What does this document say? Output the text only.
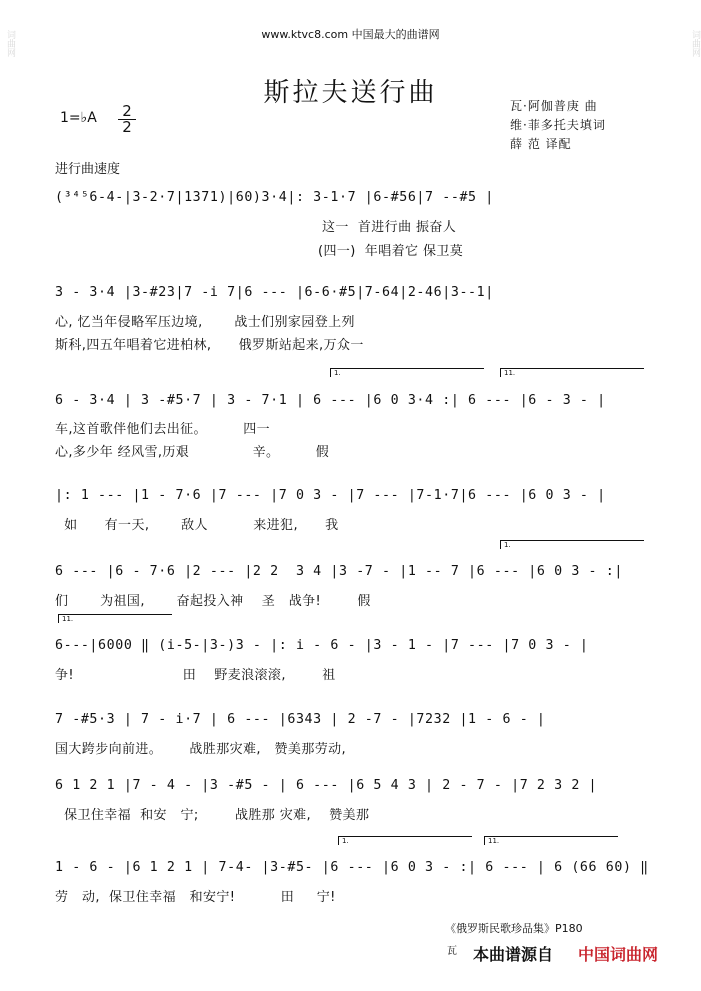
词曲网	词曲网
www.ktvc8.com 中国最大的曲谱网
斯拉夫送行曲
1=♭A 2
2
瓦·阿伽普庚 曲
维·菲多托夫填词
薛 范 译配
进行曲速度
(³⁴⁵6-4-|3-2·7|1371)|60)3·4|: 3-1·7 |6-#56|7 --#5 |
这一  首进行曲 振奋人
(四一)  年唱着它 保卫莫
3 - 3·4 |3-#23|7 -i 7|6 --- |6-6·#5|7-64|2-46|3--1|
心, 忆当年侵略军压边境,       战士们别家园登上列
斯科,四五年唱着它进柏林,      俄罗斯站起来,万众一
1.	11.
6 - 3·4 | 3 -#5·7 | 3 - 7·1 | 6 --- |6 0 3·4 :| 6 --- |6 - 3 - |
车,这首歌伴他们去出征。        四一
心,多少年 经风雪,历艰              辛。        假
|: 1 --- |1 - 7·6 |7 --- |7 0 3 - |7 --- |7-1·7|6 --- |6 0 3 - |
如      有一天,       敌人          来进犯,      我
1.
6 --- |6 - 7·6 |2 --- |2 2  3 4 |3 -7 - |1 -- 7 |6 --- |6 0 3 - :|
们       为祖国,       奋起投入神    圣   战争!        假
11.
6---|6000 ‖ (i-5-|3-)3 - |: i - 6 - |3 - 1 - |7 --- |7 0 3 - |
争!                        田    野麦浪滚滚,        祖
7 -#5·3 | 7 - i·7 | 6 --- |6343 | 2 -7 - |7232 |1 - 6 - |
国大跨步向前进。      战胜那灾难,   赞美那劳动,
6 1 2 1 |7 - 4 - |3 -#5 - | 6 --- |6 5 4 3 | 2 - 7 - |7 2 3 2 |
保卫住幸福  和安   宁;        战胜那 灾难,    赞美那
1.	11.
1 - 6 - |6 1 2 1 | 7-4- |3-#5- |6 --- |6 0 3 - :| 6 --- | 6 (66 60) ‖
劳   动,  保卫住幸福   和安宁!          田     宁!
《俄罗斯民歌珍品集》P180
瓦 本曲谱源自 中国词曲网
